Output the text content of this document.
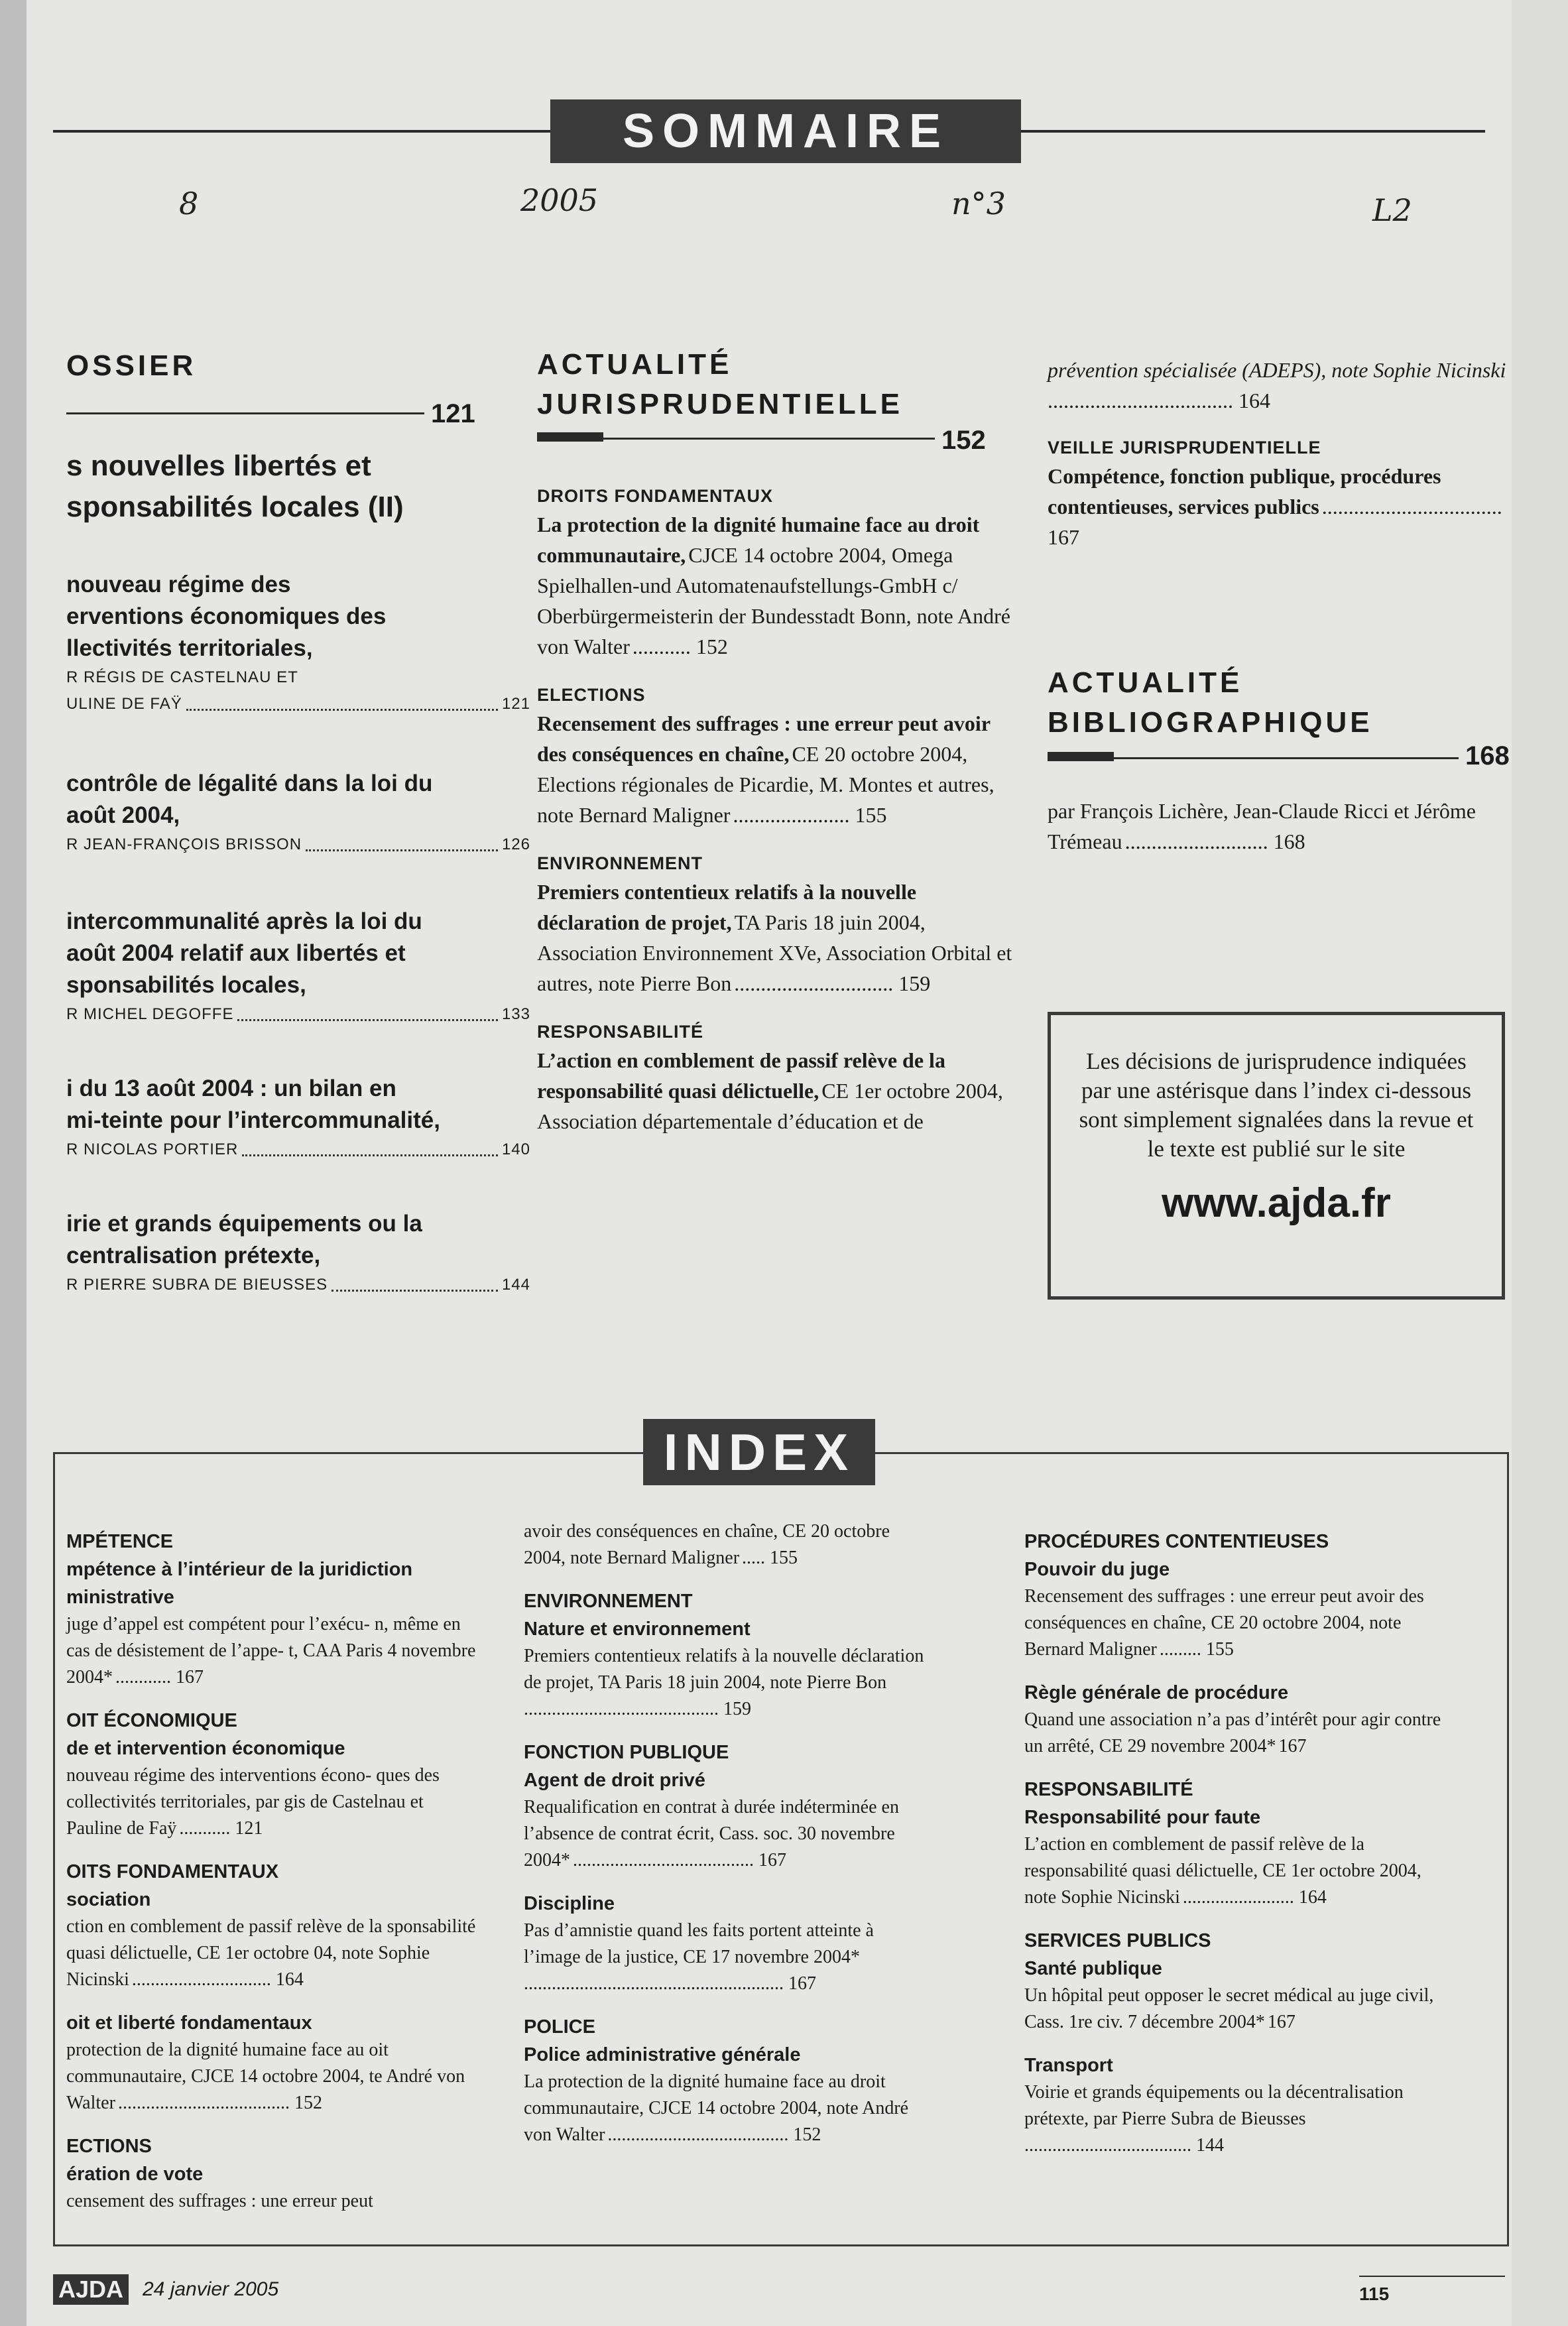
SOMMAIRE
8	2005	n°3	L2
OSSIER
121
s nouvelles libertés et
sponsabilités locales (II)
nouveau régime des
erventions économiques des
llectivités territoriales,
R RÉGIS DE CASTELNAU ET
ULINE DE FAŸ	121
contrôle de légalité dans la loi du
août 2004,
R JEAN-FRANÇOIS BRISSON	126
intercommunalité après la loi du
août 2004 relatif aux libertés et
sponsabilités locales,
R MICHEL DEGOFFE	133
i du 13 août 2004 : un bilan en
mi-teinte pour l’intercommunalité,
R NICOLAS PORTIER	140
irie et grands équipements ou la
centralisation prétexte,
R PIERRE SUBRA DE BIEUSSES	144
ACTUALITÉ
JURISPRUDENTIELLE
152
DROITS FONDAMENTAUX
La protection de la dignité humaine face au droit communautaire, CJCE 14 octobre 2004, Omega Spielhallen-und Automatenaufstellungs-GmbH c/ Oberbürgermeisterin der Bundesstadt Bonn, note André von Walter ........... 152
ELECTIONS
Recensement des suffrages : une erreur peut avoir des conséquences en chaîne, CE 20 octobre 2004, Elections régionales de Picardie, M. Montes et autres, note Bernard Maligner ...................... 155
ENVIRONNEMENT
Premiers contentieux relatifs à la nouvelle déclaration de projet, TA Paris 18 juin 2004, Association Environnement XVe, Association Orbital et autres, note Pierre Bon .............................. 159
RESPONSABILITÉ
L’action en comblement de passif relève de la responsabilité quasi délictuelle, CE 1er octobre 2004, Association départementale d’éducation et de
prévention spécialisée (ADEPS), note Sophie Nicinski ................................... 164
VEILLE JURISPRUDENTIELLE
Compétence, fonction publique, procédures contentieuses, services publics .................................. 167
ACTUALITÉ
BIBLIOGRAPHIQUE
168
par François Lichère, Jean-Claude Ricci et Jérôme Trémeau ........................... 168
Les décisions de jurisprudence indiquées par une astérisque dans l’index ci-dessous sont simplement signalées dans la revue et le texte est publié sur le site
www.ajda.fr
INDEX
MPÉTENCE
mpétence à l’intérieur de la juridiction ministrative
juge d’appel est compétent pour l’exécu- n, même en cas de désistement de l’appe- t, CAA Paris 4 novembre 2004* ............ 167
OIT ÉCONOMIQUE
de et intervention économique
nouveau régime des interventions écono- ques des collectivités territoriales, par gis de Castelnau et Pauline de Faÿ ........... 121
OITS FONDAMENTAUX
sociation
ction en comblement de passif relève de la sponsabilité quasi délictuelle, CE 1er octobre 04, note Sophie Nicinski .............................. 164
oit et liberté fondamentaux
protection de la dignité humaine face au oit communautaire, CJCE 14 octobre 2004, te André von Walter ..................................... 152
ECTIONS
ération de vote
censement des suffrages : une erreur peut
avoir des conséquences en chaîne, CE 20 octobre 2004, note Bernard Maligner ..... 155
ENVIRONNEMENT
Nature et environnement
Premiers contentieux relatifs à la nouvelle déclaration de projet, TA Paris 18 juin 2004, note Pierre Bon .......................................... 159
FONCTION PUBLIQUE
Agent de droit privé
Requalification en contrat à durée indéterminée en l’absence de contrat écrit, Cass. soc. 30 novembre 2004* ....................................... 167
Discipline
Pas d’amnistie quand les faits portent atteinte à l’image de la justice, CE 17 novembre 2004* ........................................................ 167
POLICE
Police administrative générale
La protection de la dignité humaine face au droit communautaire, CJCE 14 octobre 2004, note André von Walter ....................................... 152
PROCÉDURES CONTENTIEUSES
Pouvoir du juge
Recensement des suffrages : une erreur peut avoir des conséquences en chaîne, CE 20 octobre 2004, note Bernard Maligner ......... 155
Règle générale de procédure
Quand une association n’a pas d’intérêt pour agir contre un arrêté, CE 29 novembre 2004* 167
RESPONSABILITÉ
Responsabilité pour faute
L’action en comblement de passif relève de la responsabilité quasi délictuelle, CE 1er octobre 2004, note Sophie Nicinski ........................ 164
SERVICES PUBLICS
Santé publique
Un hôpital peut opposer le secret médical au juge civil, Cass. 1re civ. 7 décembre 2004* 167
Transport
Voirie et grands équipements ou la décentralisation prétexte, par Pierre Subra de Bieusses .................................... 144
AJDA 24 janvier 2005	115
